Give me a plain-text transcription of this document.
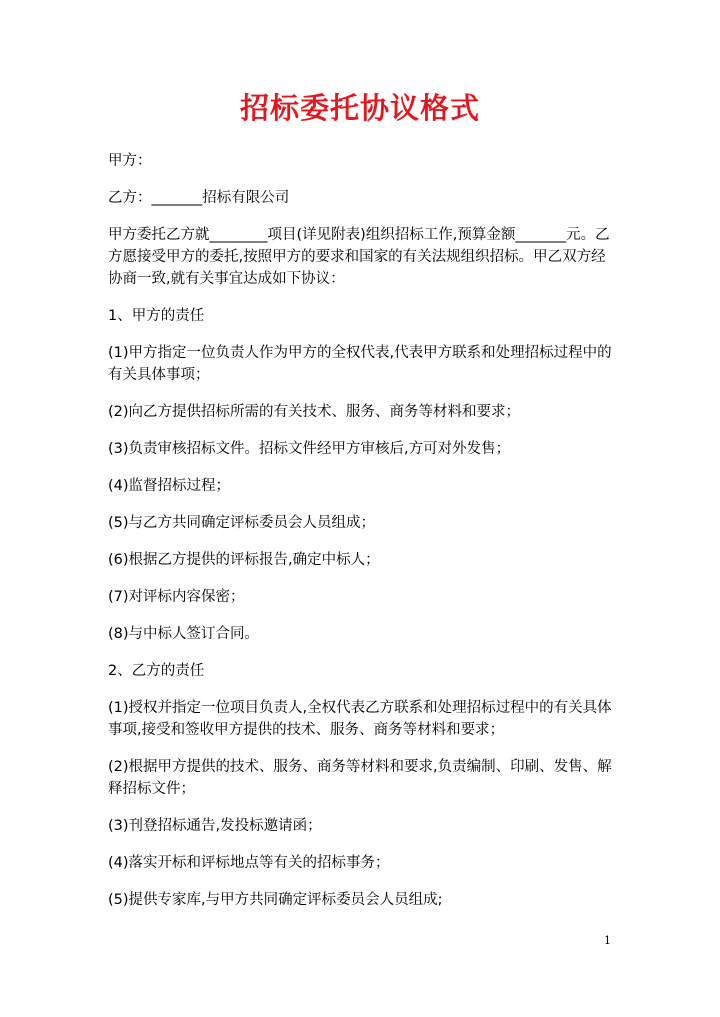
招标委托协议格式

甲方：

乙方：_______招标有限公司

甲方委托乙方就________项目(详见附表)组织招标工作,预算金额_______元。乙方愿接受甲方的委托,按照甲方的要求和国家的有关法规组织招标。甲乙双方经协商一致,就有关事宜达成如下协议：

1、甲方的责任

(1)甲方指定一位负责人作为甲方的全权代表,代表甲方联系和处理招标过程中的有关具体事项；

(2)向乙方提供招标所需的有关技术、服务、商务等材料和要求；

(3)负责审核招标文件。招标文件经甲方审核后,方可对外发售；

(4)监督招标过程；

(5)与乙方共同确定评标委员会人员组成；

(6)根据乙方提供的评标报告,确定中标人；

(7)对评标内容保密；

(8)与中标人签订合同。

2、乙方的责任

(1)授权并指定一位项目负责人,全权代表乙方联系和处理招标过程中的有关具体事项,接受和签收甲方提供的技术、服务、商务等材料和要求；

(2)根据甲方提供的技术、服务、商务等材料和要求,负责编制、印刷、发售、解释招标文件；

(3)刊登招标通告,发投标邀请函；

(4)落实开标和评标地点等有关的招标事务；

(5)提供专家库,与甲方共同确定评标委员会人员组成;

1
